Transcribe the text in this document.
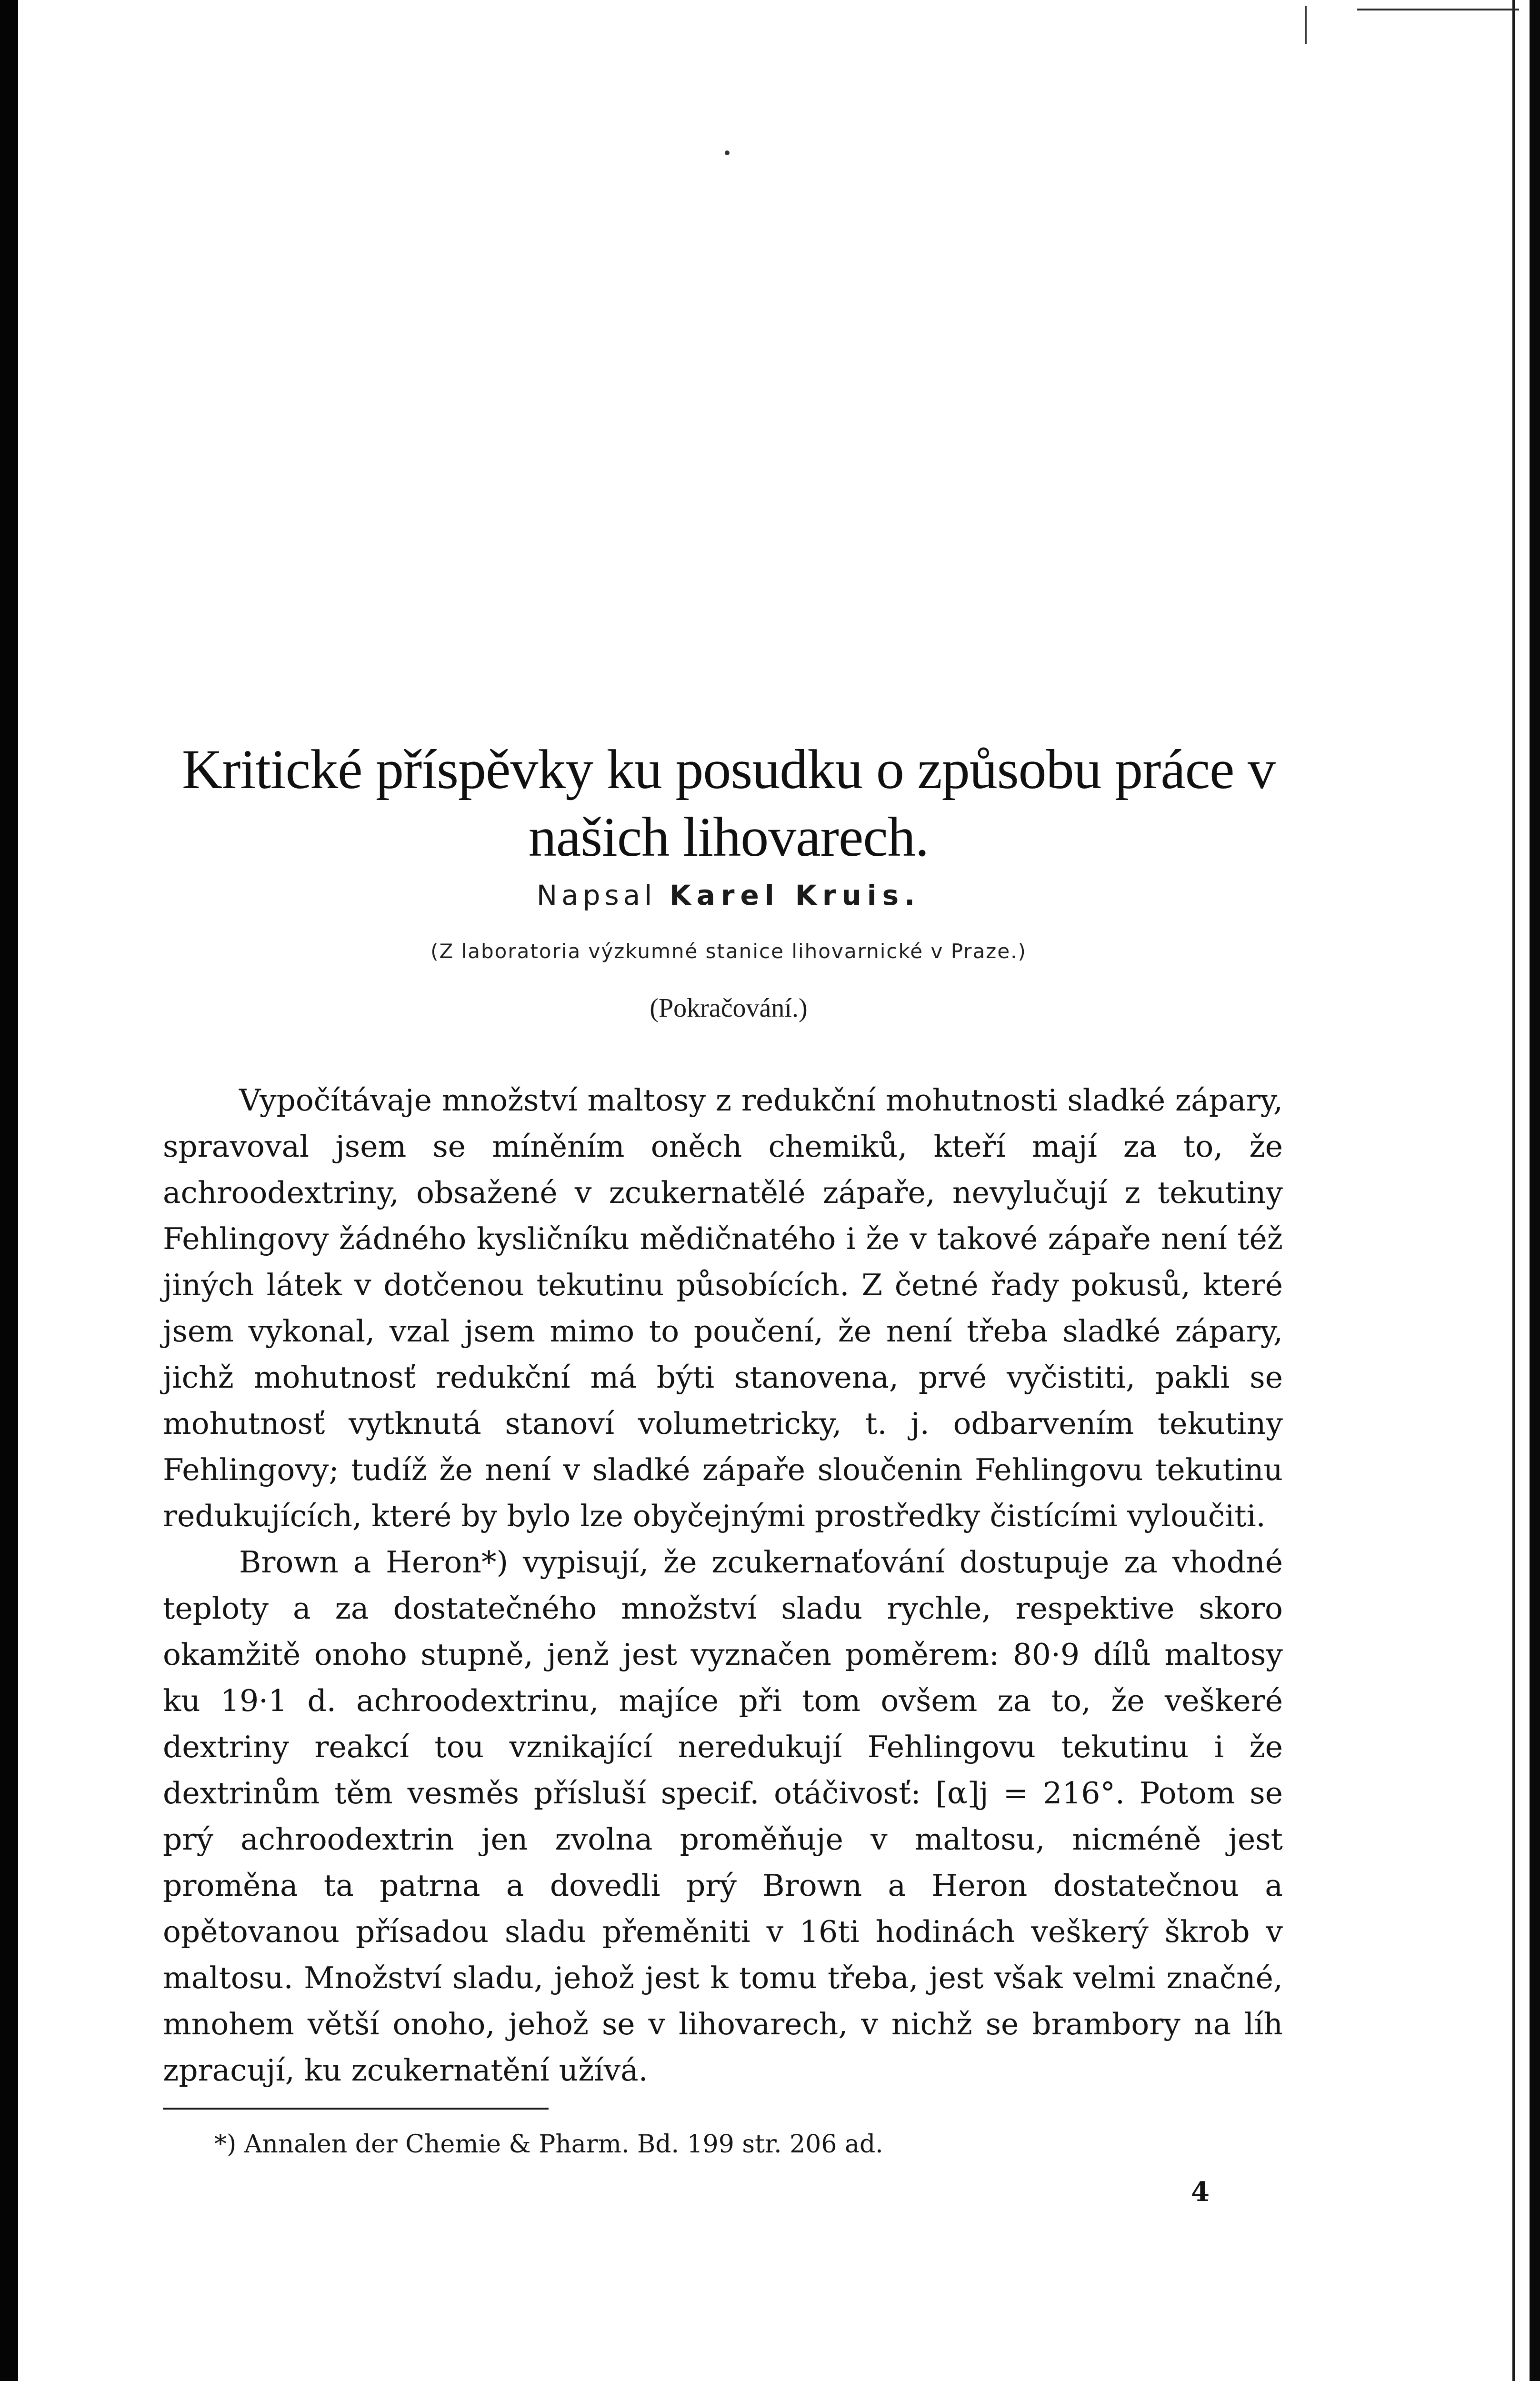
Kritické příspěvky ku posudku o způsobu práce v našich lihovarech.
Napsal Karel Kruis.
(Z laboratoria výzkumné stanice lihovarnické v Praze.)
(Pokračování.)

Vypočítávaje množství maltosy z redukční mohutnosti sladké zápary, spravoval jsem se míněním oněch chemiků, kteří mají za to, že achroodextriny, obsažené v zcukernatělé zápaře, nevylučují z tekutiny Fehlingovy žádného kysličníku mědičnatého i že v takové zápaře není též jiných látek v dotčenou tekutinu působících. Z četné řady pokusů, které jsem vykonal, vzal jsem mimo to poučení, že není třeba sladké zápary, jichž mohutnosť redukční má býti stanovena, prvé vyčistiti, pakli se mohutnosť vytknutá stanoví volumetricky, t. j. odbarvením tekutiny Fehlingovy; tudíž že není v sladké zápaře sloučenin Fehlingovu tekutinu redukujících, které by bylo lze obyčejnými prostředky čistícími vyloučiti.

Brown a Heron*) vypisují, že zcukernaťování dostupuje za vhodné teploty a za dostatečného množství sladu rychle, respektive skoro okamžitě onoho stupně, jenž jest vyznačen poměrem: 80·9 dílů maltosy ku 19·1 d. achroodextrinu, majíce při tom ovšem za to, že veškeré dextriny reakcí tou vznikající neredukují Fehlingovu tekutinu i že dextrinům těm vesměs přísluší specif. otáčivosť: [α]j = 216°. Potom se prý achroodextrin jen zvolna proměňuje v maltosu, nicméně jest proměna ta patrna a dovedli prý Brown a Heron dostatečnou a opětovanou přísadou sladu přeměniti v 16ti hodinách veškerý škrob v maltosu. Množství sladu, jehož jest k tomu třeba, jest však velmi značné, mnohem větší onoho, jehož se v lihovarech, v nichž se brambory na líh zpracují, ku zcukernatění užívá.

*) Annalen der Chemie & Pharm. Bd. 199 str. 206 ad.
4
